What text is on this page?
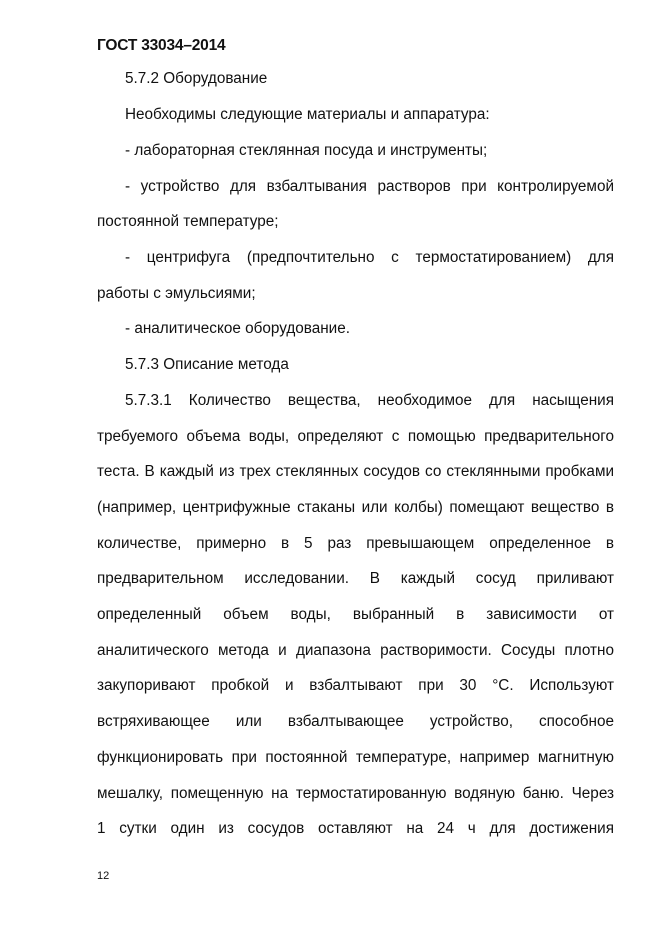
ГОСТ 33034–2014
5.7.2 Оборудование
Необходимы следующие материалы и аппаратура:
- лабораторная стеклянная посуда и инструменты;
- устройство для взбалтывания растворов при контролируемой
постоянной температуре;
- центрифуга (предпочтительно с термостатированием) для
работы с эмульсиями;
- аналитическое оборудование.
5.7.3 Описание метода
5.7.3.1 Количество вещества, необходимое для насыщения
требуемого объема воды, определяют с помощью предварительного
теста. В каждый из трех стеклянных сосудов со стеклянными пробками
(например, центрифужные стаканы или колбы) помещают вещество в
количестве, примерно в 5 раз превышающем определенное в
предварительном исследовании. В каждый сосуд приливают
определенный объем воды, выбранный в зависимости от
аналитического метода и диапазона растворимости. Сосуды плотно
закупоривают пробкой и взбалтывают при 30 °С. Используют
встряхивающее или взбалтывающее устройство, способное
функционировать при постоянной температуре, например магнитную
мешалку, помещенную на термостатированную водяную баню. Через
1 сутки один из сосудов оставляют на 24 ч для достижения
12
